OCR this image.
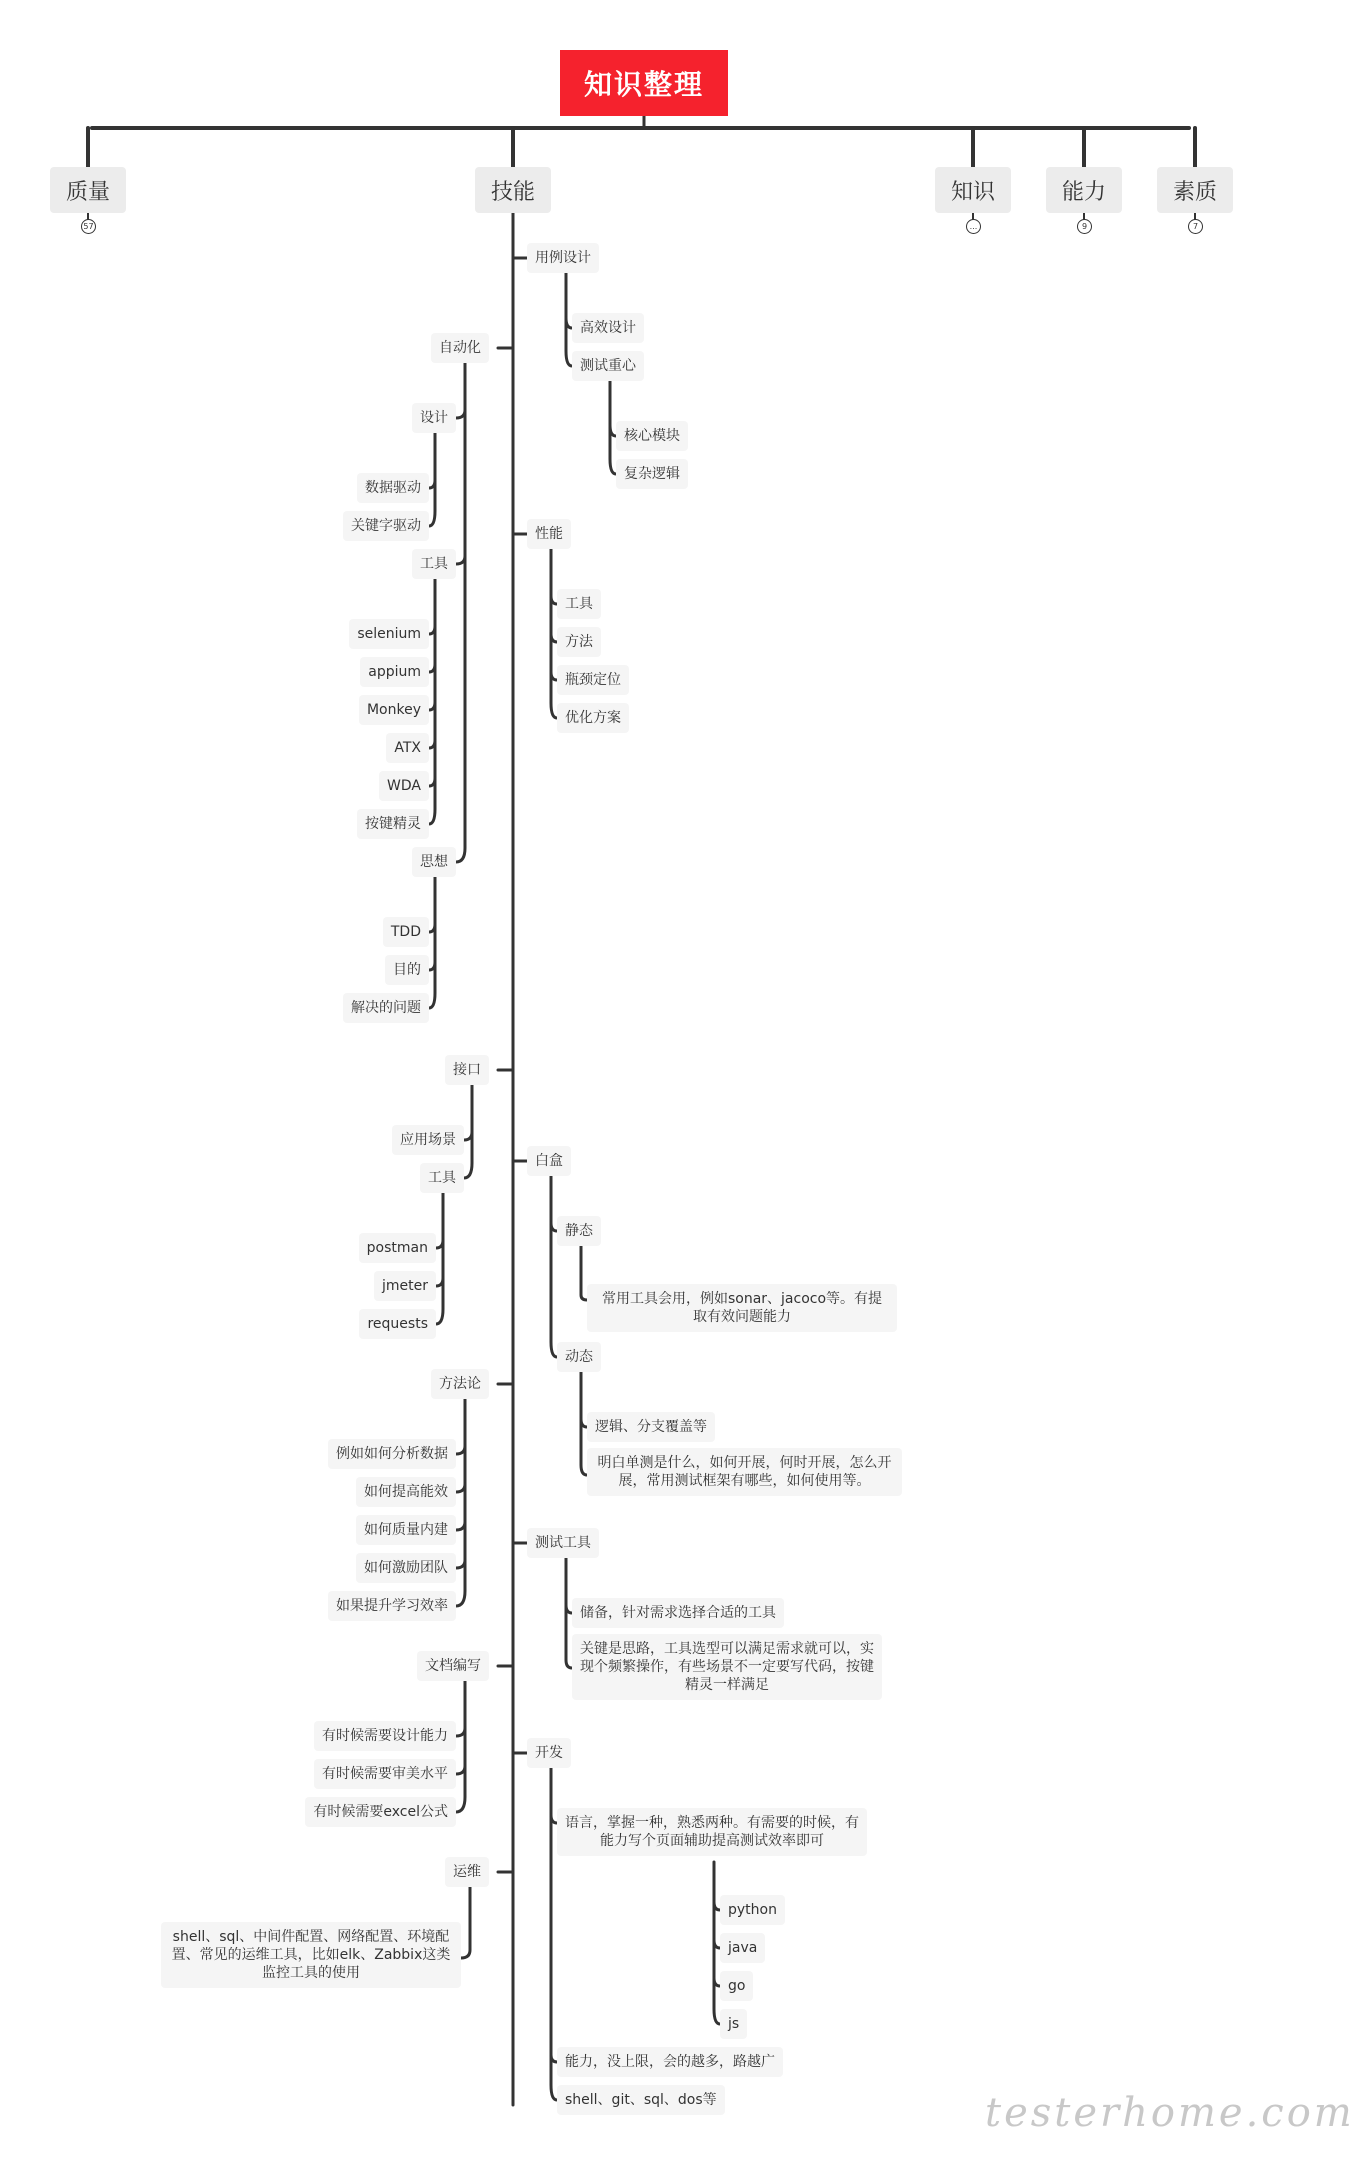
知识整理
质量
57
技能	知识
...
能力
9
素质
7
用例设计
高效设计
测试重心
核心模块
复杂逻辑
性能
工具
方法
瓶颈定位
优化方案
白盒
静态
常用工具会用，例如sonar、jacoco等。有提取有效问题能力
动态
逻辑、分支覆盖等
明白单测是什么，如何开展，何时开展，怎么开展，常用测试框架有哪些，如何使用等。
测试工具
储备，针对需求选择合适的工具
关键是思路，工具选型可以满足需求就可以，实现个频繁操作，有些场景不一定要写代码，按键精灵一样满足
开发
语言，掌握一种，熟悉两种。有需要的时候，有能力写个页面辅助提高测试效率即可
python
java
go
js
能力，没上限，会的越多，路越广
shell、git、sql、dos等
自动化
设计
数据驱动
关键字驱动
工具
selenium
appium
Monkey
ATX
WDA
按键精灵
思想
TDD
目的
解决的问题
接口
应用场景
工具
postman
jmeter
requests
方法论
例如如何分析数据
如何提高能效
如何质量内建
如何激励团队
如果提升学习效率
文档编写
有时候需要设计能力
有时候需要审美水平
有时候需要excel公式
运维
shell、sql、中间件配置、网络配置、环境配置、常见的运维工具，比如elk、Zabbix这类监控工具的使用
testerhome.com
